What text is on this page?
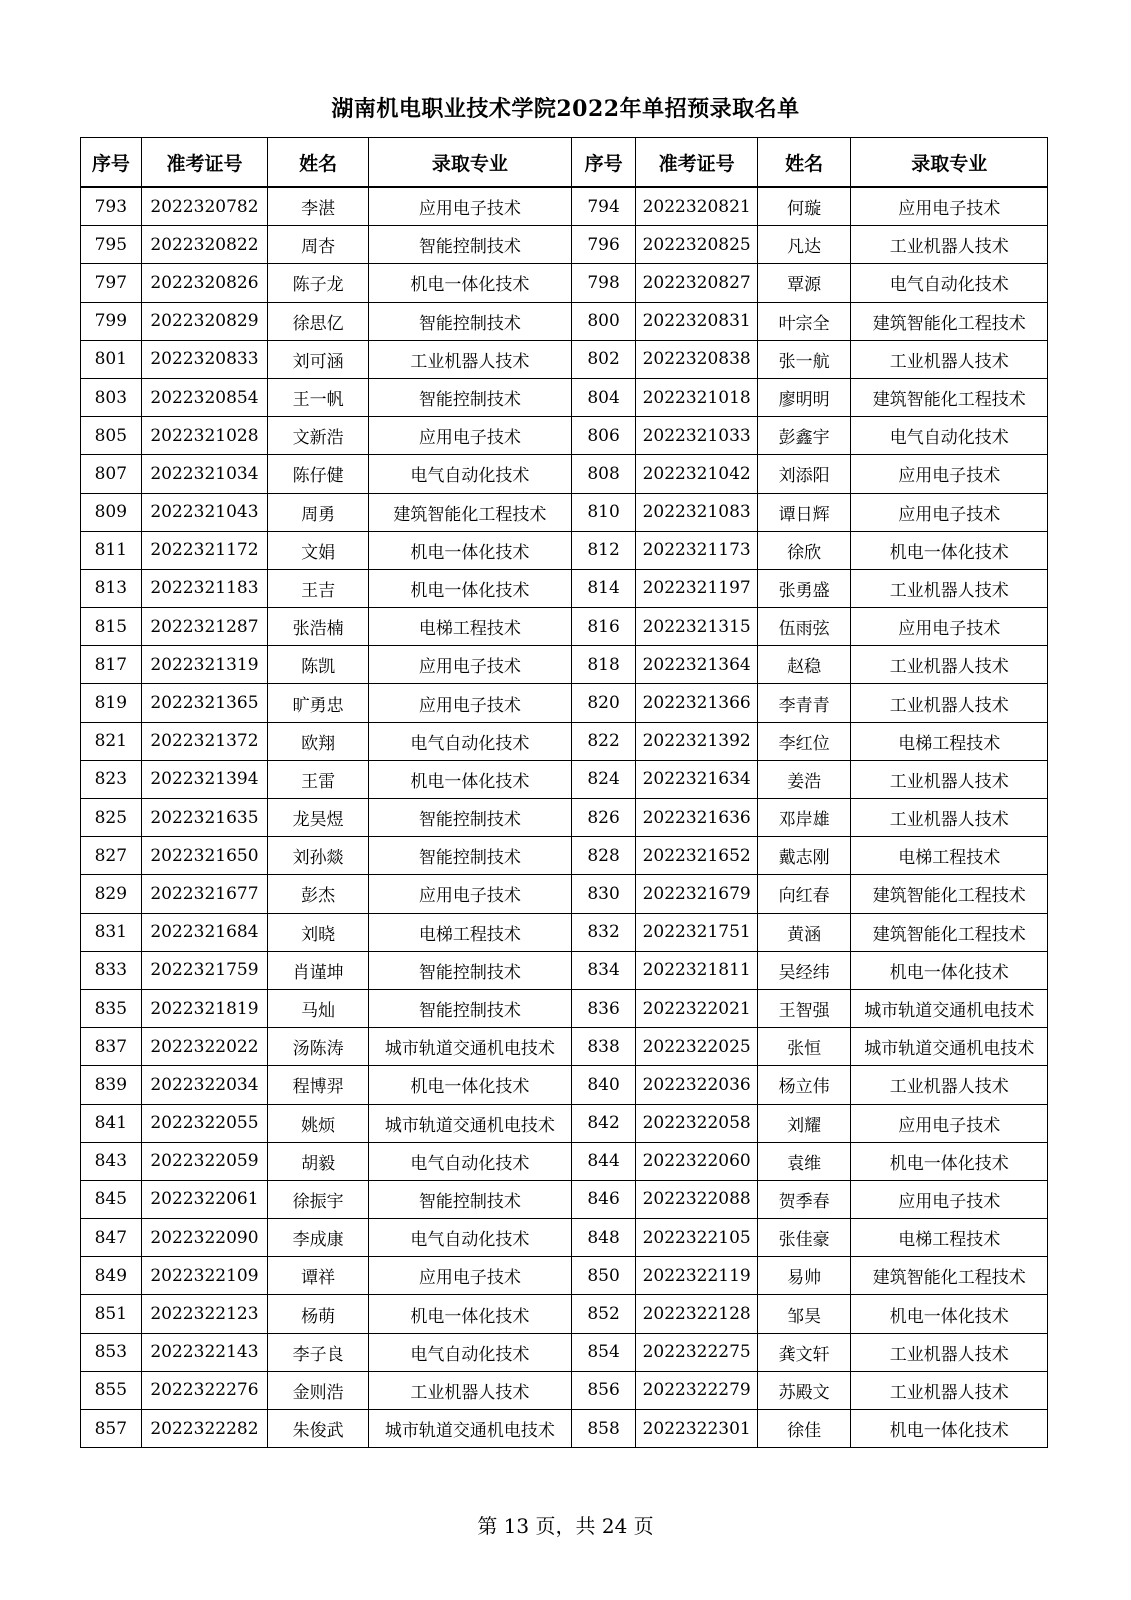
湖南机电职业技术学院2022年单招预录取名单
序号	准考证号	姓名	录取专业	序号	准考证号	姓名	录取专业
793	2022320782	李湛	应用电子技术	794	2022320821	何璇	应用电子技术
795	2022320822	周杏	智能控制技术	796	2022320825	凡达	工业机器人技术
797	2022320826	陈子龙	机电一体化技术	798	2022320827	覃源	电气自动化技术
799	2022320829	徐思亿	智能控制技术	800	2022320831	叶宗全	建筑智能化工程技术
801	2022320833	刘可涵	工业机器人技术	802	2022320838	张一航	工业机器人技术
803	2022320854	王一帆	智能控制技术	804	2022321018	廖明明	建筑智能化工程技术
805	2022321028	文新浩	应用电子技术	806	2022321033	彭鑫宇	电气自动化技术
807	2022321034	陈仔健	电气自动化技术	808	2022321042	刘添阳	应用电子技术
809	2022321043	周勇	建筑智能化工程技术	810	2022321083	谭日辉	应用电子技术
811	2022321172	文娟	机电一体化技术	812	2022321173	徐欣	机电一体化技术
813	2022321183	王吉	机电一体化技术	814	2022321197	张勇盛	工业机器人技术
815	2022321287	张浩楠	电梯工程技术	816	2022321315	伍雨弦	应用电子技术
817	2022321319	陈凯	应用电子技术	818	2022321364	赵稳	工业机器人技术
819	2022321365	旷勇忠	应用电子技术	820	2022321366	李青青	工业机器人技术
821	2022321372	欧翔	电气自动化技术	822	2022321392	李红位	电梯工程技术
823	2022321394	王雷	机电一体化技术	824	2022321634	姜浩	工业机器人技术
825	2022321635	龙昊煜	智能控制技术	826	2022321636	邓岸雄	工业机器人技术
827	2022321650	刘孙燚	智能控制技术	828	2022321652	戴志刚	电梯工程技术
829	2022321677	彭杰	应用电子技术	830	2022321679	向红春	建筑智能化工程技术
831	2022321684	刘晓	电梯工程技术	832	2022321751	黄涵	建筑智能化工程技术
833	2022321759	肖谨坤	智能控制技术	834	2022321811	吴经纬	机电一体化技术
835	2022321819	马灿	智能控制技术	836	2022322021	王智强	城市轨道交通机电技术
837	2022322022	汤陈涛	城市轨道交通机电技术	838	2022322025	张恒	城市轨道交通机电技术
839	2022322034	程博羿	机电一体化技术	840	2022322036	杨立伟	工业机器人技术
841	2022322055	姚烦	城市轨道交通机电技术	842	2022322058	刘耀	应用电子技术
843	2022322059	胡毅	电气自动化技术	844	2022322060	袁维	机电一体化技术
845	2022322061	徐振宇	智能控制技术	846	2022322088	贺季春	应用电子技术
847	2022322090	李成康	电气自动化技术	848	2022322105	张佳豪	电梯工程技术
849	2022322109	谭祥	应用电子技术	850	2022322119	易帅	建筑智能化工程技术
851	2022322123	杨萌	机电一体化技术	852	2022322128	邹昊	机电一体化技术
853	2022322143	李子良	电气自动化技术	854	2022322275	龚文轩	工业机器人技术
855	2022322276	金则浩	工业机器人技术	856	2022322279	苏殿文	工业机器人技术
857	2022322282	朱俊武	城市轨道交通机电技术	858	2022322301	徐佳	机电一体化技术
第 13 页，共 24 页
